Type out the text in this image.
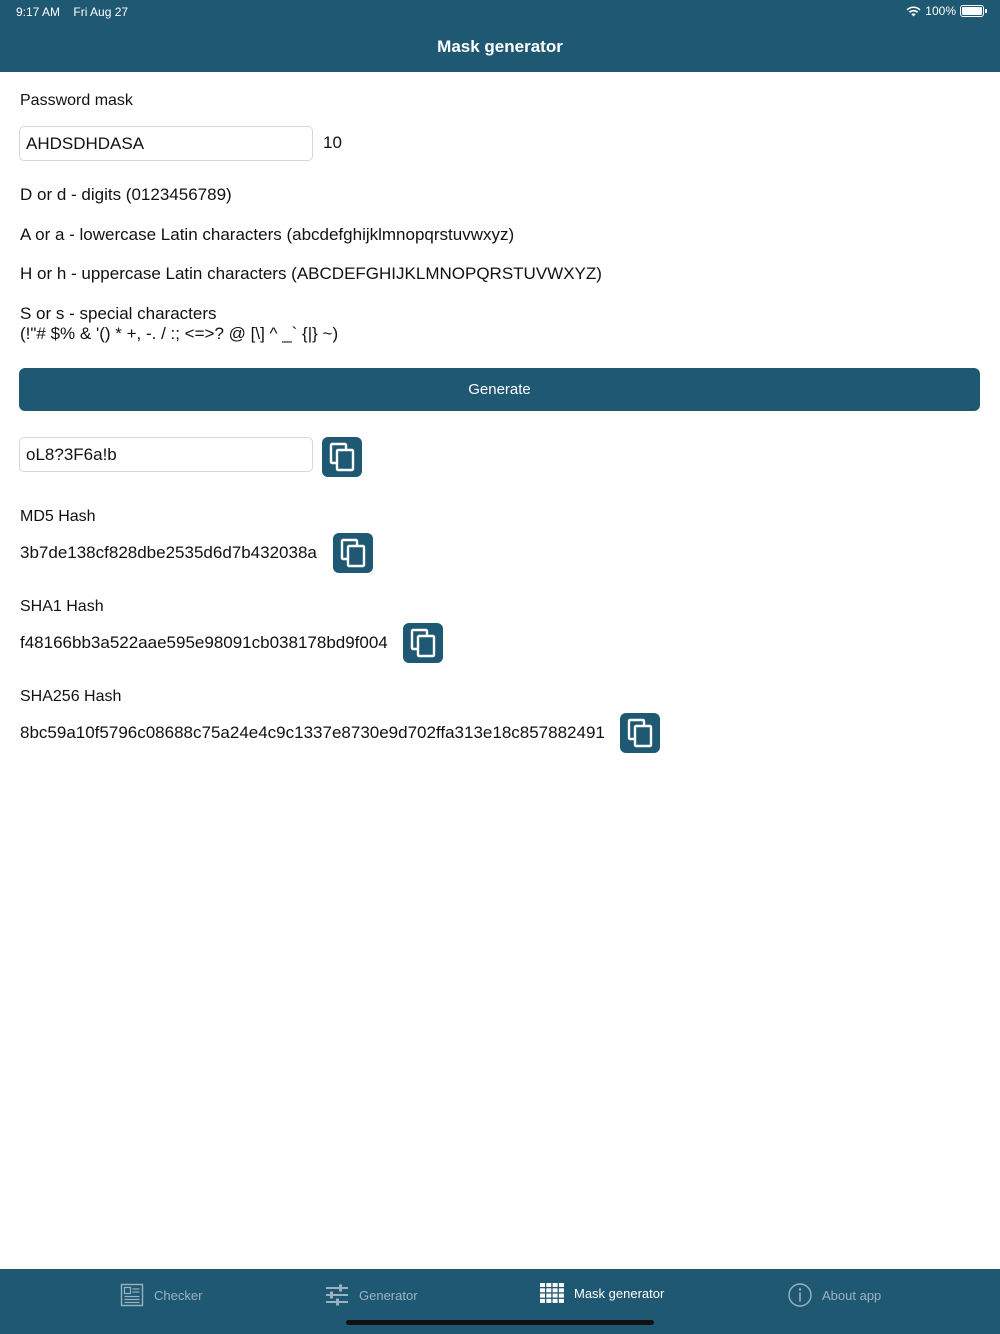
9:17 AM Fri Aug 27	100%
Mask generator
Password mask
AHDSDHDASA
10
D or d - digits (0123456789)
A or a - lowercase Latin characters (abcdefghijklmnopqrstuvwxyz)
H or h - uppercase Latin characters (ABCDEFGHIJKLMNOPQRSTUVWXYZ)
S or s - special characters
(!"# $% & '() * +, -. / :; <=>? @ [\] ^ _` {|} ~)
Generate
oL8?3F6a!b
MD5 Hash
3b7de138cf828dbe2535d6d7b432038a
SHA1 Hash
f48166bb3a522aae595e98091cb038178bd9f004
SHA256 Hash
8bc59a10f5796c08688c75a24e4c9c1337e8730e9d702ffa313e18c857882491
Checker	Generator	Mask generator	About app
